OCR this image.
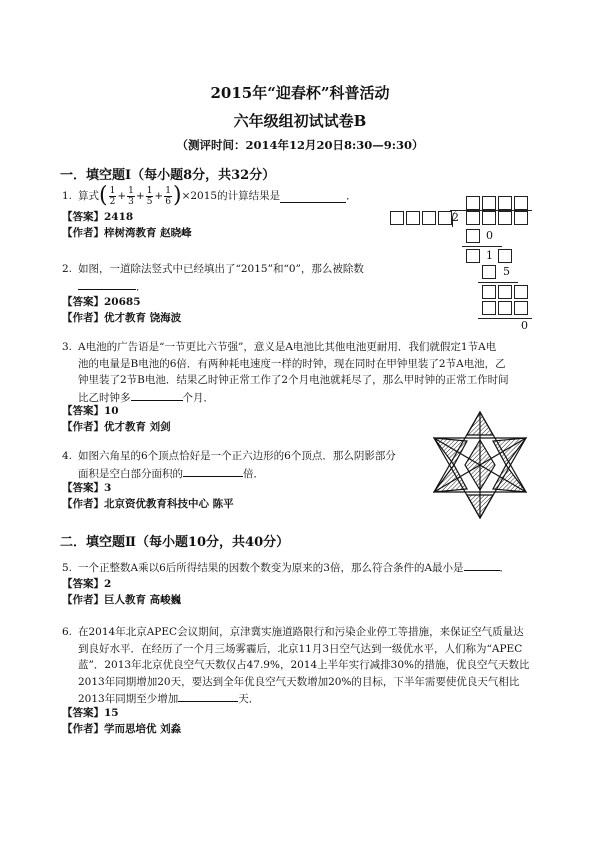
2015年“迎春杯”科普活动
六年级组初试试卷B
（测评时间：2014年12月20日8:30—9:30）
一．填空题Ⅰ（每小题8分，共32分）
1. 算式 ( $\frac{1}{2} + \frac{1}{3} + \frac{1}{5} + \frac{1}{6}$ ) ×2015的计算结果是	．
【答案】2418
【作者】梓树湾教育 赵晓峰
2. 如图，一道除法竖式中已经填出了“2015”和“0”，那么被除数
．
【答案】20685
【作者】优才教育 饶海波
2
0
1
5
0
3. A电池的广告语是“一节更比六节强”，意义是A电池比其他电池更耐用．我们就假定1节A电
池的电量是B电池的6倍．有两种耗电速度一样的时钟，现在同时在甲钟里装了2节A电池，乙
钟里装了2节B电池．结果乙时钟正常工作了2个月电池就耗尽了，那么甲时钟的正常工作时间
比乙时钟多	个月．
【答案】10
【作者】优才教育 刘剑
4. 如图六角星的6个顶点恰好是一个正六边形的6个顶点．那么阴影部分
面积是空白部分面积的	倍．
【答案】3
【作者】北京资优教育科技中心 陈平
二．填空题Ⅱ（每小题10分，共40分）
5. 一个正整数A乘以6后所得结果的因数个数变为原来的3倍，那么符合条件的A最小是	．
【答案】2
【作者】巨人教育 高峻巍
6. 在2014年北京APEC会议期间，京津冀实施道路限行和污染企业停工等措施，来保证空气质量达
到良好水平．在经历了一个月三场雾霾后，北京11月3日空气达到一级优水平，人们称为“APEC
蓝”．2013年北京优良空气天数仅占47.9%，2014上半年实行减排30%的措施，优良空气天数比
2013年同期增加20天，要达到全年优良空气天数增加20%的目标，下半年需要使优良天气相比
2013年同期至少增加	天．
【答案】15
【作者】学而思培优 刘淼
